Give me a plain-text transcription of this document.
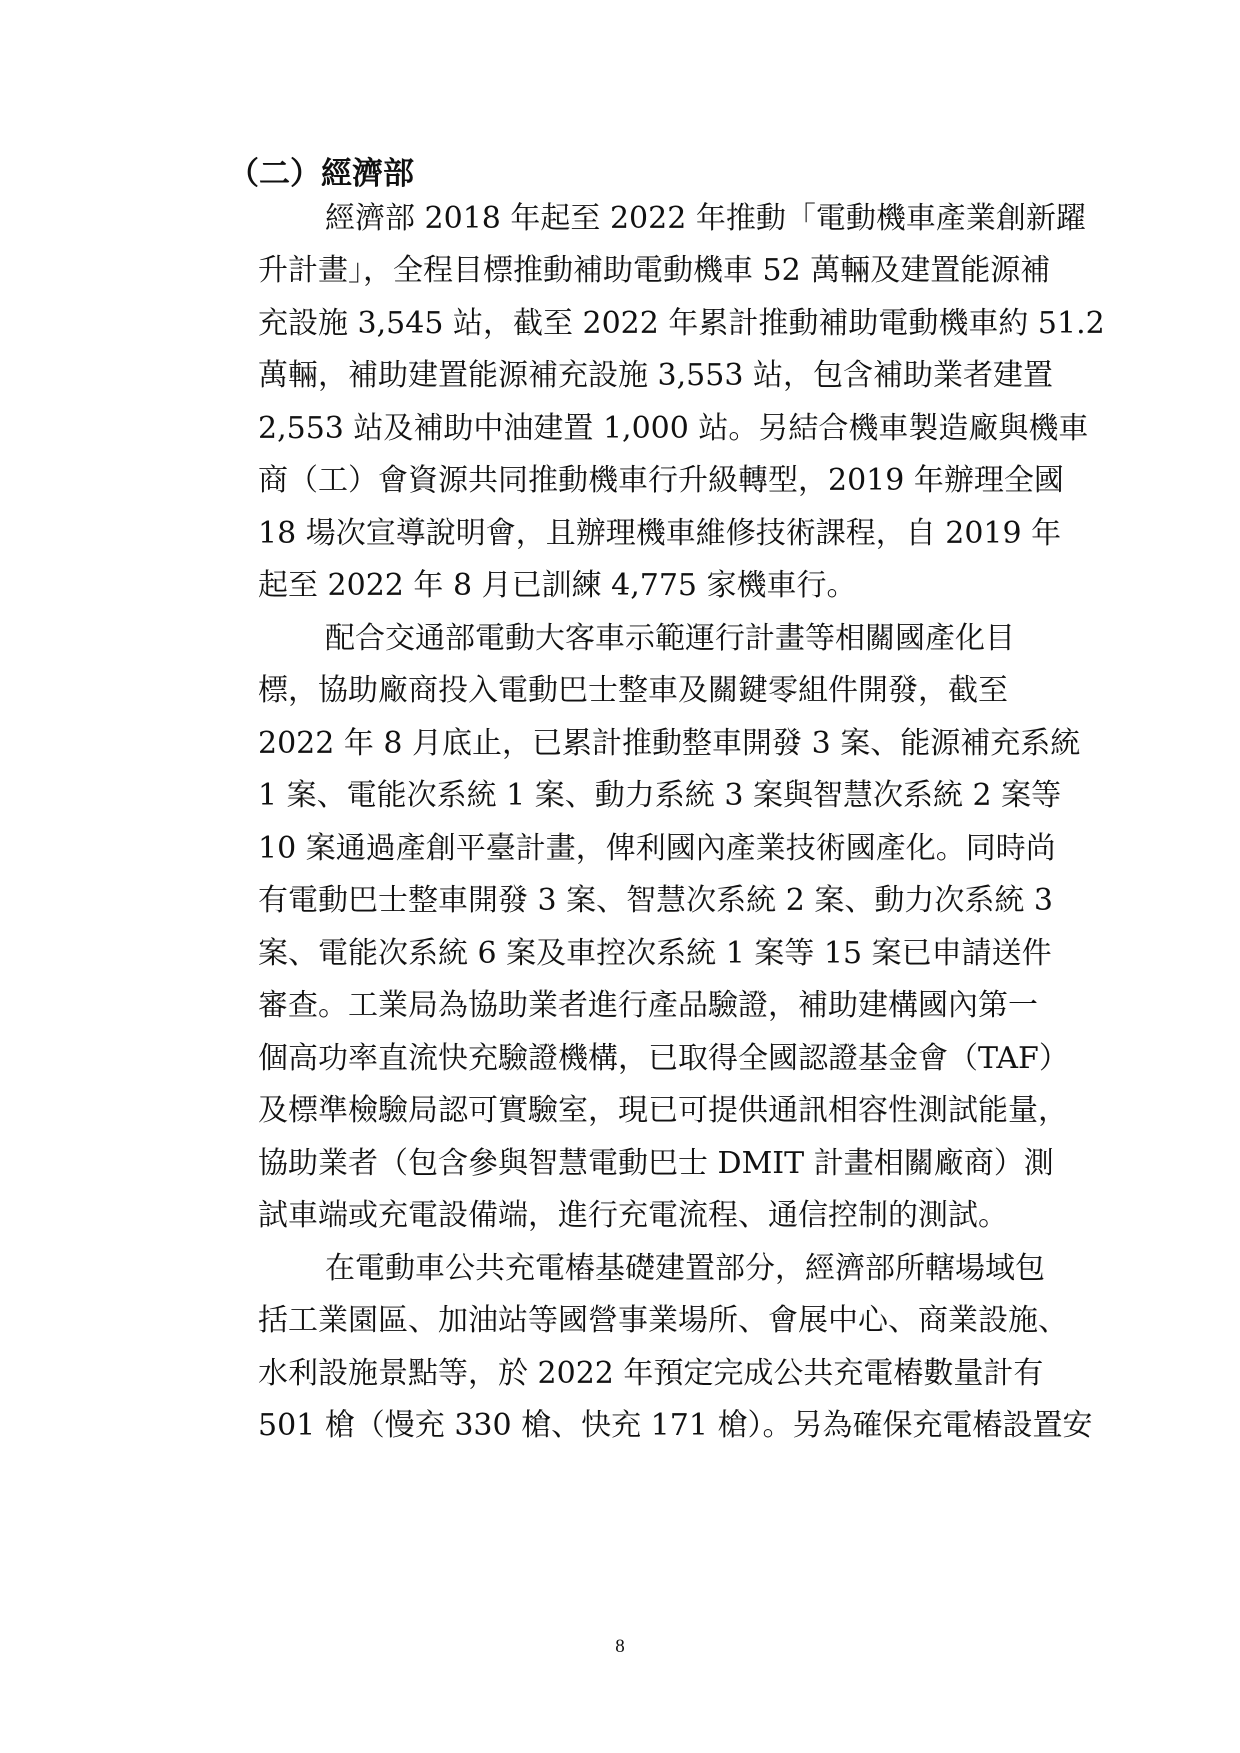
（二）經濟部
經濟部 2018 年起至 2022 年推動「電動機車產業創新躍
升計畫」，全程目標推動補助電動機車 52 萬輛及建置能源補
充設施 3,545 站，截至 2022 年累計推動補助電動機車約 51.2
萬輛，補助建置能源補充設施 3,553 站，包含補助業者建置
2,553 站及補助中油建置 1,000 站。另結合機車製造廠與機車
商（工）會資源共同推動機車行升級轉型，2019 年辦理全國
18 場次宣導說明會，且辦理機車維修技術課程，自 2019 年
起至 2022 年 8 月已訓練 4,775 家機車行。
配合交通部電動大客車示範運行計畫等相關國產化目
標，協助廠商投入電動巴士整車及關鍵零組件開發，截至
2022 年 8 月底止，已累計推動整車開發 3 案、能源補充系統
1 案、電能次系統 1 案、動力系統 3 案與智慧次系統 2 案等
10 案通過產創平臺計畫，俾利國內產業技術國產化。同時尚
有電動巴士整車開發 3 案、智慧次系統 2 案、動力次系統 3
案、電能次系統 6 案及車控次系統 1 案等 15 案已申請送件
審查。工業局為協助業者進行產品驗證，補助建構國內第一
個高功率直流快充驗證機構，已取得全國認證基金會（TAF）
及標準檢驗局認可實驗室，現已可提供通訊相容性測試能量，
協助業者（包含參與智慧電動巴士 DMIT 計畫相關廠商）測
試車端或充電設備端，進行充電流程、通信控制的測試。
在電動車公共充電樁基礎建置部分，經濟部所轄場域包
括工業園區、加油站等國營事業場所、會展中心、商業設施、
水利設施景點等，於 2022 年預定完成公共充電樁數量計有
501 槍（慢充 330 槍、快充 171 槍）。另為確保充電樁設置安
8
